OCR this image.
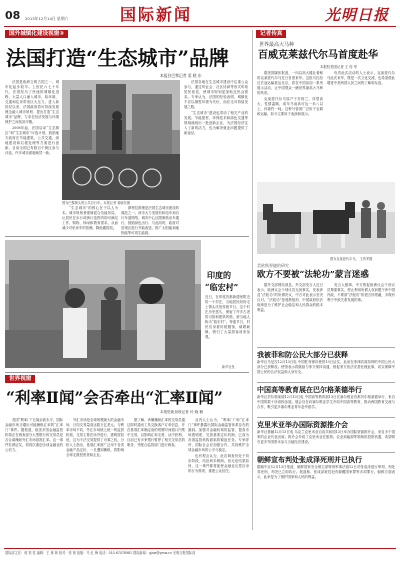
08 2013年12月14日 星期六	国际新闻	光明日报
国外城镇化建设视窗③
法国打造“生态城市”品牌
本报驻巴黎记者 姜 晓 东

法国是欧洲文明古国之一，城市化起步较早。上世纪六七十年代，法国经历了快速的城镇化进程，大量人口涌入城市，给环境、交通和住房带来巨大压力。进入新世纪以来，法国政府将可持续发展理念融入城市规划，提出打造“生态城市”品牌，力求在经济发展与环境保护之间找到平衡。

2008年起，法国启动“生态街区”和“生态城市”评选计划，鼓励地方政府在节能建筑、公共交通、绿地建设和垃圾处理等方面进行创新。目前全国已有数百个街区参与评选，许多城市面貌焕然一新。

图为巴黎街头的公共自行车。本报记者 姜晓东摄

“生态城市”的核心在于以人为本。城市规划者强调混合功能布局，让居民在步行或骑行范围内即可满足工作、购物、休闲和教育需求，从而减少对私家车的依赖，降低碳排放。

斯特拉斯堡是法国生态城市建设的典范之一。该市大力发展有轨电车和自行车道网络，城市中心区限制机动车通行，鼓励绿色出行。与此同时，政府对旧城区进行节能改造，推广太阳能和地热能等可再生能源。

法国各地在生态城市建设中注重公众参与，通过听证会、社区协商等形式听取居民意见，使城市规划更加贴近民众需求。专家认为，法国的经验表明，城镇化不应以牺牲环境为代价，而应走可持续发展之路。

“生态城市”建设也带动了相关产业的发展。节能建材、环保技术和绿色交通等领域涌现出一批创新企业，为法国经济注入了新的活力，也为解决就业问题提供了新途径。

记者传真
世界最高大马种
百威克莱兹代尔马首度赴华
本报驻美国记者 王 传 军

据美国媒体报道，一向以高大健壮著称的克莱兹代尔马近日首度来华。这批马匹经过长途运输抵达北京，将在中国参加一系列展示活动，让中国观众一睹世界最高大马种的风采。

克莱兹代尔马原产于苏格兰，体型高大，性情温顺，成年马肩高可达一米八以上，体重约一吨。这种马曾被广泛用于农耕和运输，如今主要用于表演和展示。

负责此次活动的人士表示，克莱兹代尔马此次来华，既是一次文化交流，也希望借此增进中美两国人民之间的了解和友谊。

图为克莱兹代尔马。 王传军摄
印度的
“临宏村”
近日，在印度首都新德里附近的一个村庄，当地居民纷纷走上街头庆祝传统节日。这个村庄历史悠久，保留了许多古老的习俗和建筑风格，被当地人称为“临宏村”。每逢节日，村民们身着传统服饰，载歌载舞，吸引了大量游客前来参观。
新华社发
美欧秋智捷的研究
欧方不要被“法轮功”蒙言迷惑

据外交部网站消息，外交部发言人近日表示，欧洲议会个别议员无视事实，发表涉及“法轮功”的所谓决议，中方对此表示坚决反对。“法轮功”是邪教组织，中国政府依法取缔是为了维护社会稳定和人民群众的根本利益。

发言人强调，中方敦促欧洲议会个别议员尊重事实，停止利用所谓人权问题干涉中国内政，不要被“法轮功”的谎言所蒙蔽，多做有利于中欧关系发展的事。

我被菲和防公民大部分已获释
新华社马尼拉12月13日电 中国驻菲律宾使馆13日证实，此前在菲律宾被扣押的中国公民大部分已获释放。使馆表示将继续与菲方保持沟通，督促菲方依法妥善处理此事，切实保障中国公民的合法权益和人身安全。
中国高等教育展在巴尔格莱德举行
新华社贝尔格莱德12月13日电 中国高等教育展13日在塞尔维亚首都贝尔格莱德举行，来自中国的数十所高校参展。展会旨在向塞尔维亚学生介绍中国高等教育，推动两国教育交流与合作，吸引更多塞尔维亚青年赴华留学。
克里米亚举办国际资源推介会
新华社基辅12月13日电 乌克兰克里米亚自治共和国13日举办国际资源推介会，来自多个国家的企业代表出席。推介会介绍了克里米亚在旅游、农业和能源等领域的投资机遇，希望吸引更多外国资本参与当地经济建设。
朝鲜宣布判处张成泽死刑并已执行
据朝中社12月13日报道，朝鲜国家安全保卫部特别军事法庭12日对张成泽进行审判，判处其死刑，判决已立即执行。报道称，张成泽被控犯有颠覆国家罪等多项罪行。朝鲜方面表示，此举是为了维护国家和人民的利益。
世界视窗
“利率Ⅱ闻”会否牵出“汇率Ⅱ闻”
本报驻新加坡记者 叶 晓 楠

英国“利率门”丑闻余波未平，国际金融市场又曝出可能操纵汇率的“汇率门”事件。据报道，欧美多国金融监管机构正在调查部分大型银行的交易员是否合谋操纵外汇市场基准汇率。这一事件若被证实，将再次重创全球金融业的公信力。

外汇市场是全球规模最大的金融市场，日均交易量高达数万亿美元。与利率市场不同，外汇市场缺乏统一的监管机构，交易主要在场外进行，透明度较低，这为不法交易提供了可乘之机。分析人士指出，基准汇率被广泛用于各类金融产品定价，一旦遭到操纵，将影响全球无数投资者和企业。

据了解，涉嫌操纵汇率的交易员通过即时通讯工具交换客户订单信息，并在基准汇率确定前的短暂时间窗口内集中交易，以影响汇率走势，从中获利。目前已有多家银行暂停了相关交易员的职务，并配合监管部门进行调查。

业内人士认为，“利率门”和“汇率门”事件暴露出国际金融监管体系存在的漏洞。加强对金融机构的监管、提高市场透明度、完善基准定价机制，已成为各国监管机构面临的紧迫任务。专家呼吁，国际社会应加强合作，共同维护全球金融市场的公平与稳定。

也有观点认为，此次调查仍处于初步阶段，结论尚未明朗。但无论结果如何，这一事件都将促使金融业反思自身的行为准则，重建公众信任。

国际部主任：蒋 铁 柱 编辑：王 林 林 校对：张 骞 组版：马 红 梅 电话：010-67078981 国际新闻：gjxw@gmw.cn 光明日报国际部
